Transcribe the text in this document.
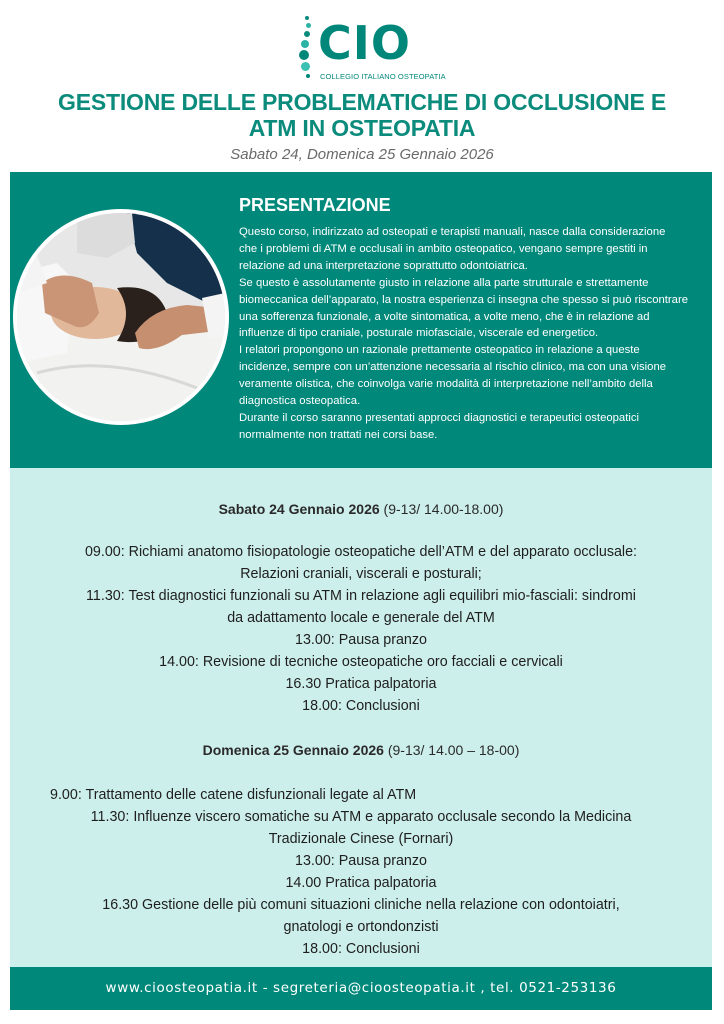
CIO
COLLEGIO ITALIANO OSTEOPATIA
GESTIONE DELLE PROBLEMATICHE DI OCCLUSIONE E
ATM IN OSTEOPATIA
Sabato 24, Domenica 25 Gennaio 2026
PRESENTAZIONE

Questo corso, indirizzato ad osteopati e terapisti manuali, nasce dalla considerazione

che i problemi di ATM e occlusali in ambito osteopatico, vengano sempre gestiti in

relazione ad una interpretazione soprattutto odontoiatrica.

Se questo è assolutamente giusto in relazione alla parte strutturale e strettamente

biomeccanica dell’apparato, la nostra esperienza ci insegna che spesso si può riscontrare

una sofferenza funzionale, a volte sintomatica, a volte meno, che è in relazione ad

influenze di tipo craniale, posturale miofasciale, viscerale ed energetico.

I relatori propongono un razionale prettamente osteopatico in relazione a queste

incidenze, sempre con un’attenzione necessaria al rischio clinico, ma con una visione

veramente olistica, che coinvolga varie modalità di interpretazione nell’ambito della

diagnostica osteopatica.

Durante il corso saranno presentati approcci diagnostici e terapeutici osteopatici

normalmente non trattati nei corsi base.

Sabato 24 Gennaio 2026 (9-13/ 14.00-18.00)
09.00: Richiami anatomo fisiopatologie osteopatiche dell’ATM e del apparato occlusale:
Relazioni craniali, viscerali e posturali;
11.30: Test diagnostici funzionali su ATM in relazione agli equilibri mio-fasciali: sindromi
da adattamento locale e generale del ATM
13.00: Pausa pranzo
14.00: Revisione di tecniche osteopatiche oro facciali e cervicali
16.30 Pratica palpatoria
18.00: Conclusioni
Domenica 25 Gennaio 2026 (9-13/ 14.00 – 18-00)
9.00: Trattamento delle catene disfunzionali legate al ATM
11.30: Influenze viscero somatiche su ATM e apparato occlusale secondo la Medicina
Tradizionale Cinese (Fornari)
13.00: Pausa pranzo
14.00 Pratica palpatoria
16.30 Gestione delle più comuni situazioni cliniche nella relazione con odontoiatri,
gnatologi e ortondonzisti
18.00: Conclusioni
www.cioosteopatia.it - segreteria@cioosteopatia.it , tel. 0521-253136
